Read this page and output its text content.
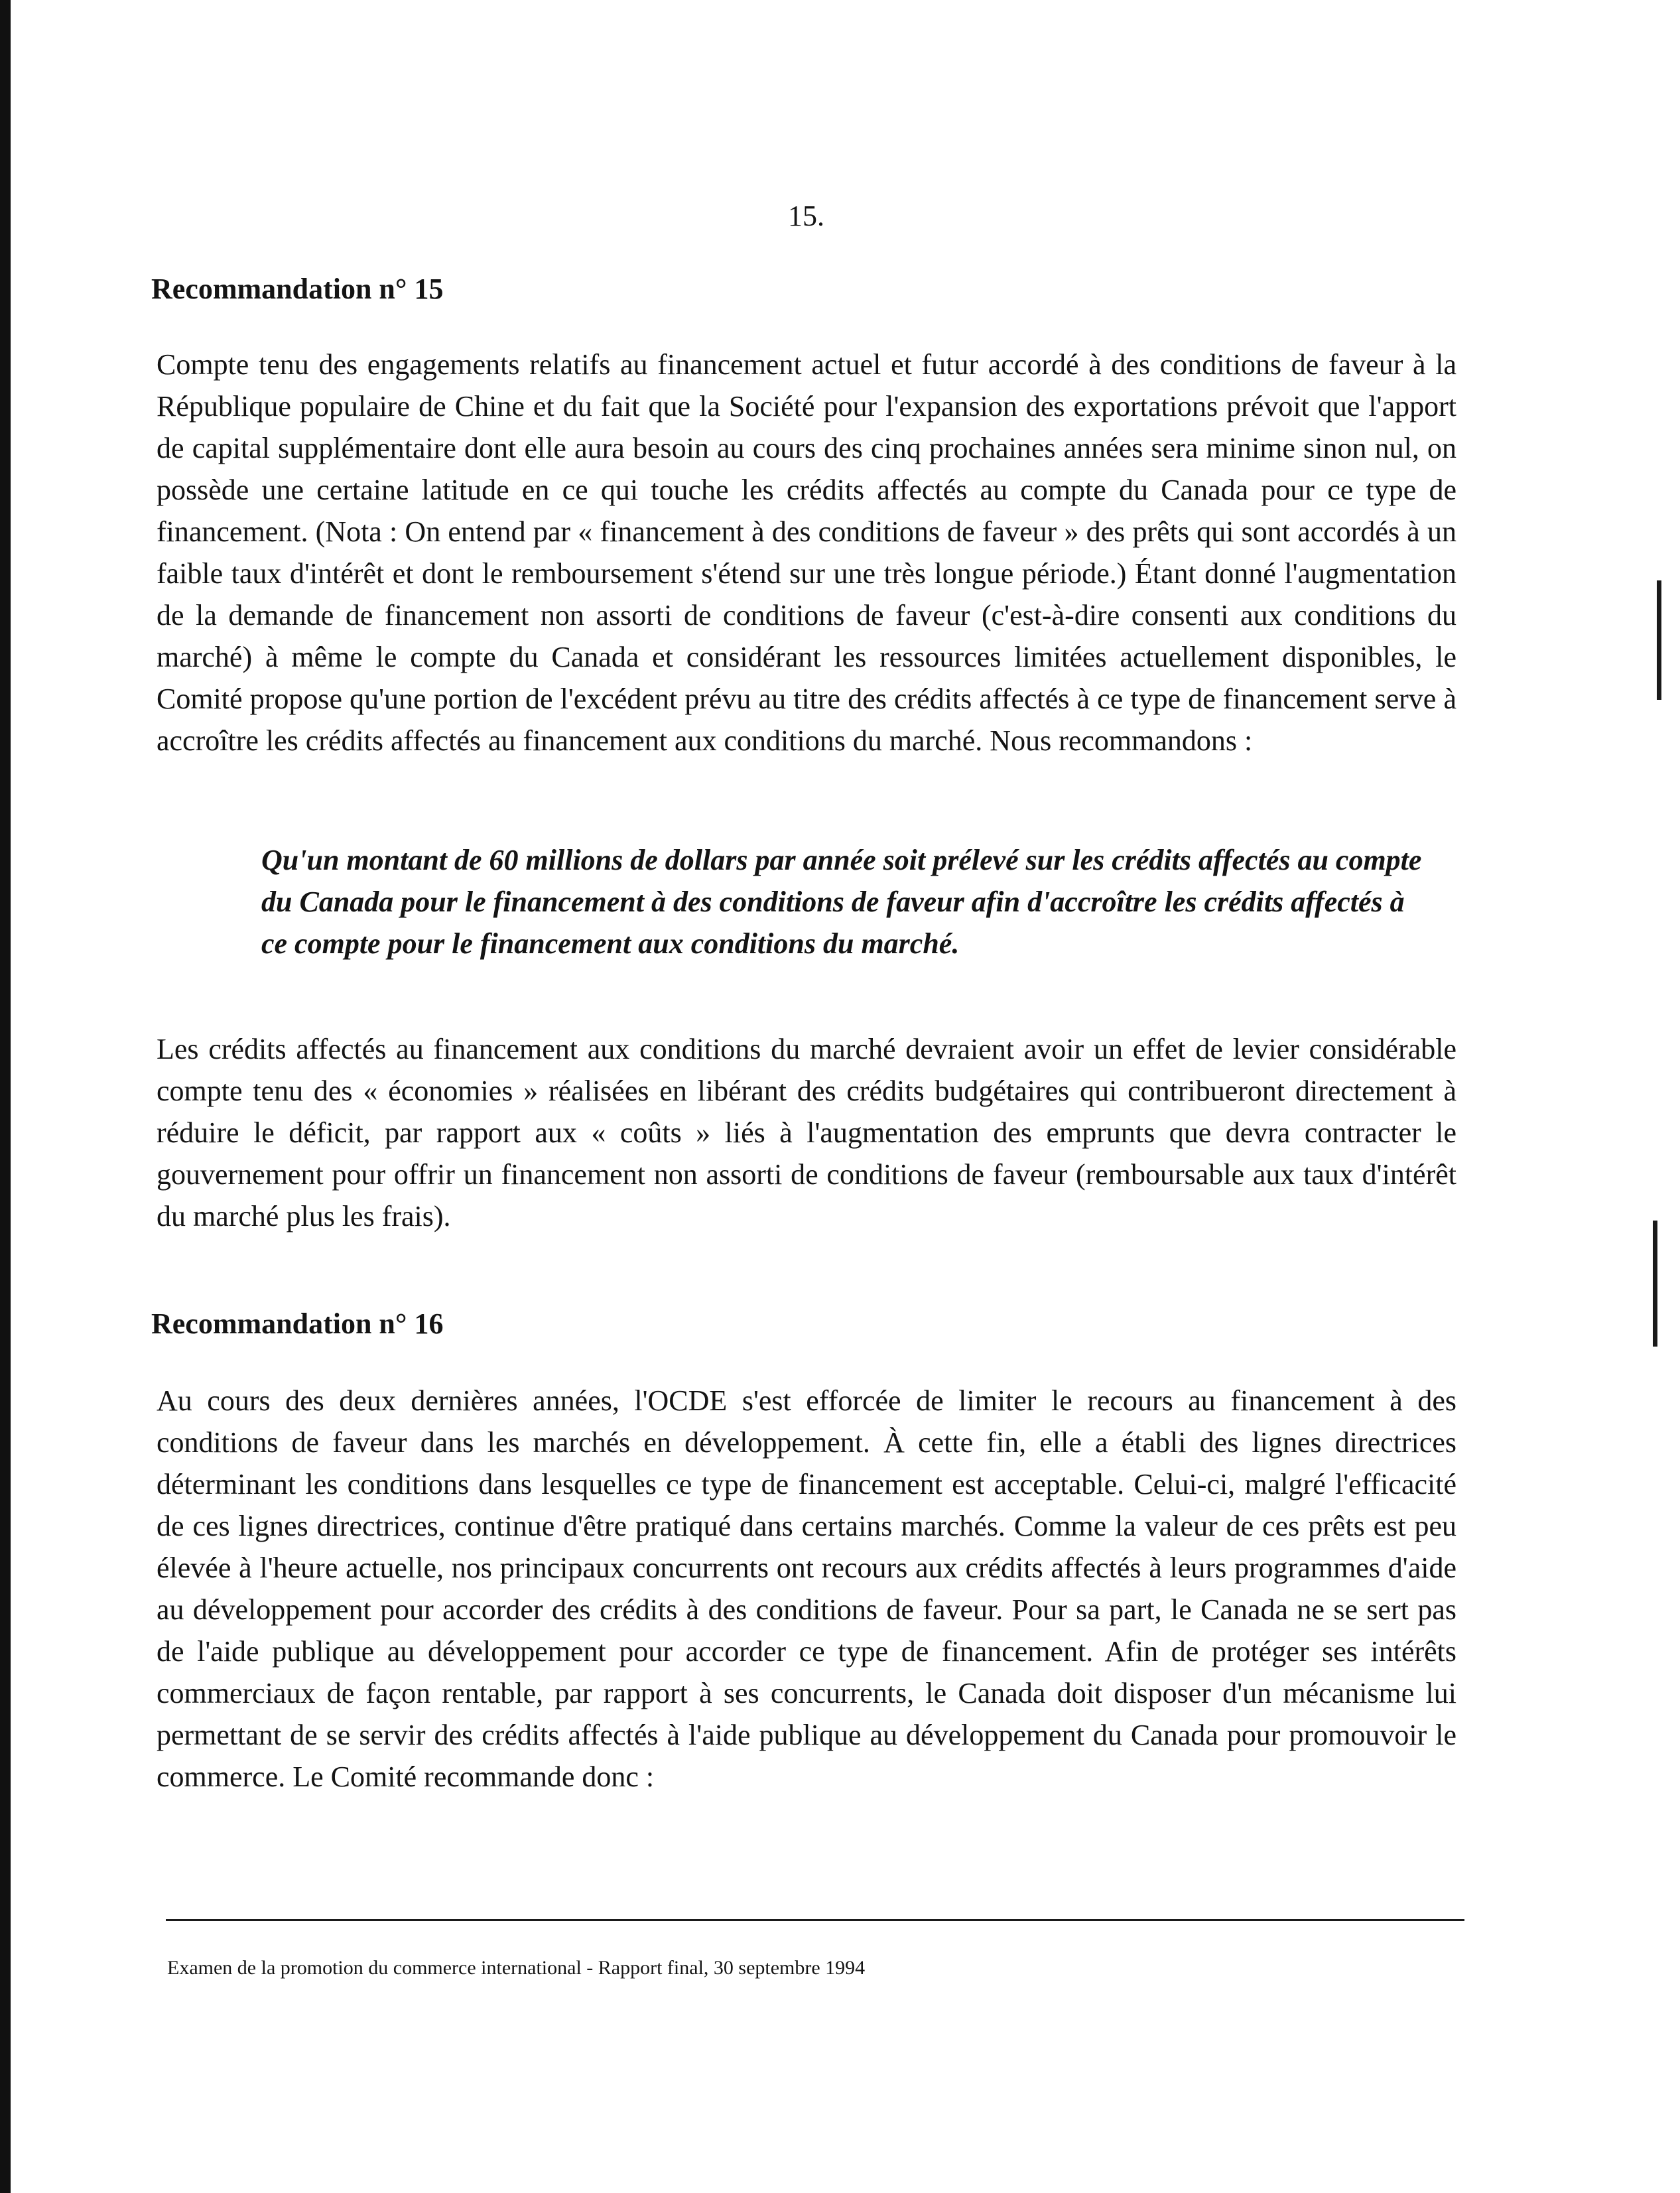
15.
Recommandation n° 15

Compte tenu des engagements relatifs au financement actuel et futur accordé à des conditions de faveur à la République populaire de Chine et du fait que la Société pour l'expansion des exportations prévoit que l'apport de capital supplémentaire dont elle aura besoin au cours des cinq prochaines années sera minime sinon nul, on possède une certaine latitude en ce qui touche les crédits affectés au compte du Canada pour ce type de financement. (Nota : On entend par « financement à des conditions de faveur » des prêts qui sont accordés à un faible taux d'intérêt et dont le remboursement s'étend sur une très longue période.) Étant donné l'augmentation de la demande de financement non assorti de conditions de faveur (c'est-à-dire consenti aux conditions du marché) à même le compte du Canada et considérant les ressources limitées actuellement disponibles, le Comité propose qu'une portion de l'excédent prévu au titre des crédits affectés à ce type de financement serve à accroître les crédits affectés au financement aux conditions du marché. Nous recommandons :

Qu'un montant de 60 millions de dollars par année soit prélevé sur les crédits affectés au compte du Canada pour le financement à des conditions de faveur afin d'accroître les crédits affectés à ce compte pour le financement aux conditions du marché.

Les crédits affectés au financement aux conditions du marché devraient avoir un effet de levier considérable compte tenu des « économies » réalisées en libérant des crédits budgétaires qui contribueront directement à réduire le déficit, par rapport aux « coûts » liés à l'augmentation des emprunts que devra contracter le gouvernement pour offrir un financement non assorti de conditions de faveur (remboursable aux taux d'intérêt du marché plus les frais).

Recommandation n° 16

Au cours des deux dernières années, l'OCDE s'est efforcée de limiter le recours au financement à des conditions de faveur dans les marchés en développement. À cette fin, elle a établi des lignes directrices déterminant les conditions dans lesquelles ce type de financement est acceptable. Celui-ci, malgré l'efficacité de ces lignes directrices, continue d'être pratiqué dans certains marchés. Comme la valeur de ces prêts est peu élevée à l'heure actuelle, nos principaux concurrents ont recours aux crédits affectés à leurs programmes d'aide au développement pour accorder des crédits à des conditions de faveur. Pour sa part, le Canada ne se sert pas de l'aide publique au développement pour accorder ce type de financement. Afin de protéger ses intérêts commerciaux de façon rentable, par rapport à ses concurrents, le Canada doit disposer d'un mécanisme lui permettant de se servir des crédits affectés à l'aide publique au développement du Canada pour promouvoir le commerce. Le Comité recommande donc :

Examen de la promotion du commerce international - Rapport final, 30 septembre 1994
